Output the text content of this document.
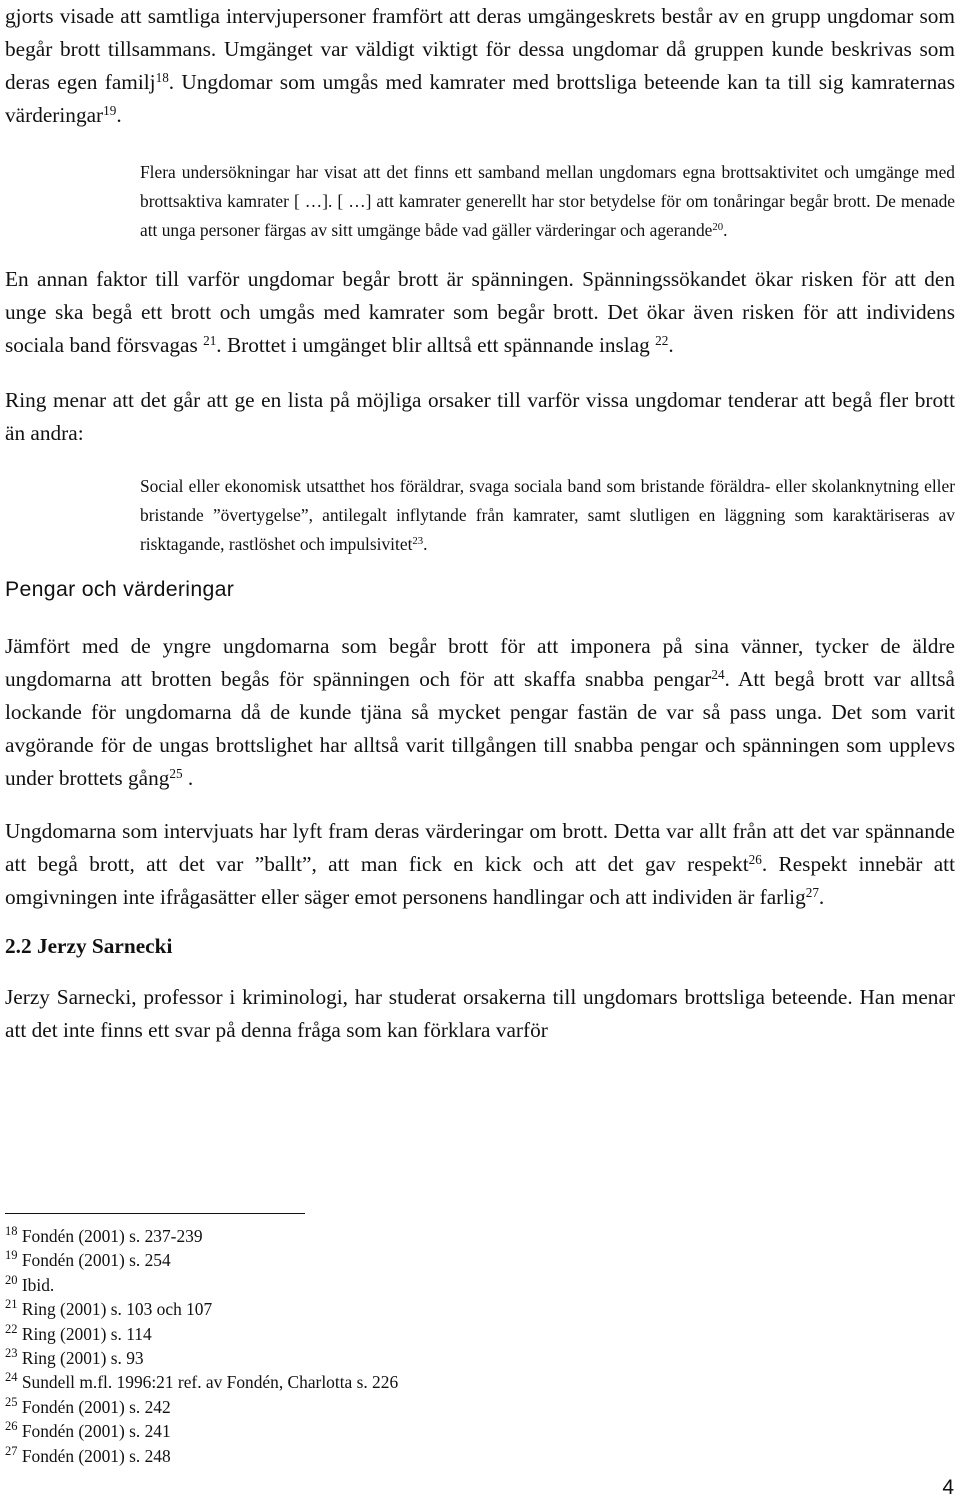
gjorts visade att samtliga intervjupersoner framfört att deras umgängeskrets består av en grupp ungdomar som begår brott tillsammans. Umgänget var väldigt viktigt för dessa ungdomar då gruppen kunde beskrivas som deras egen familj$^{18}$. Ungdomar som umgås med kamrater med brottsliga beteende kan ta till sig kamraternas värderingar$^{19}$.

Flera undersökningar har visat att det finns ett samband mellan ungdomars egna brottsaktivitet och umgänge med brottsaktiva kamrater [ …]. [ …] att kamrater generellt har stor betydelse för om tonåringar begår brott. De menade att unga personer färgas av sitt umgänge både vad gäller värderingar och agerande$^{20}$.

En annan faktor till varför ungdomar begår brott är spänningen. Spänningssökandet ökar risken för att den unge ska begå ett brott och umgås med kamrater som begår brott. Det ökar även risken för att individens sociala band försvagas $^{21}$. Brottet i umgänget blir alltså ett spännande inslag $^{22}$.

Ring menar att det går att ge en lista på möjliga orsaker till varför vissa ungdomar tenderar att begå fler brott än andra:

Social eller ekonomisk utsatthet hos föräldrar, svaga sociala band som bristande föräldra- eller skolanknytning eller bristande ”övertygelse”, antilegalt inflytande från kamrater, samt slutligen en läggning som karaktäriseras av risktagande, rastlöshet och impulsivitet$^{23}$.

Pengar och värderingar

Jämfört med de yngre ungdomarna som begår brott för att imponera på sina vänner, tycker de äldre ungdomarna att brotten begås för spänningen och för att skaffa snabba pengar$^{24}$. Att begå brott var alltså lockande för ungdomarna då de kunde tjäna så mycket pengar fastän de var så pass unga. Det som varit avgörande för de ungas brottslighet har alltså varit tillgången till snabba pengar och spänningen som upplevs under brottets gång$^{25}$ .

Ungdomarna som intervjuats har lyft fram deras värderingar om brott. Detta var allt från att det var spännande att begå brott, att det var ”ballt”, att man fick en kick och att det gav respekt$^{26}$. Respekt innebär att omgivningen inte ifrågasätter eller säger emot personens handlingar och att individen är farlig$^{27}$.

2.2 Jerzy Sarnecki

Jerzy Sarnecki, professor i kriminologi, har studerat orsakerna till ungdomars brottsliga beteende. Han menar att det inte finns ett svar på denna fråga som kan förklara varför

$^{18}$ Fondén (2001) s. 237-239
$^{19}$ Fondén (2001) s. 254
$^{20}$ Ibid.
$^{21}$ Ring (2001) s. 103 och 107
$^{22}$ Ring (2001) s. 114
$^{23}$ Ring (2001) s. 93
$^{24}$ Sundell m.fl. 1996:21 ref. av Fondén, Charlotta s. 226
$^{25}$ Fondén (2001) s. 242
$^{26}$ Fondén (2001) s. 241
$^{27}$ Fondén (2001) s. 248
4
